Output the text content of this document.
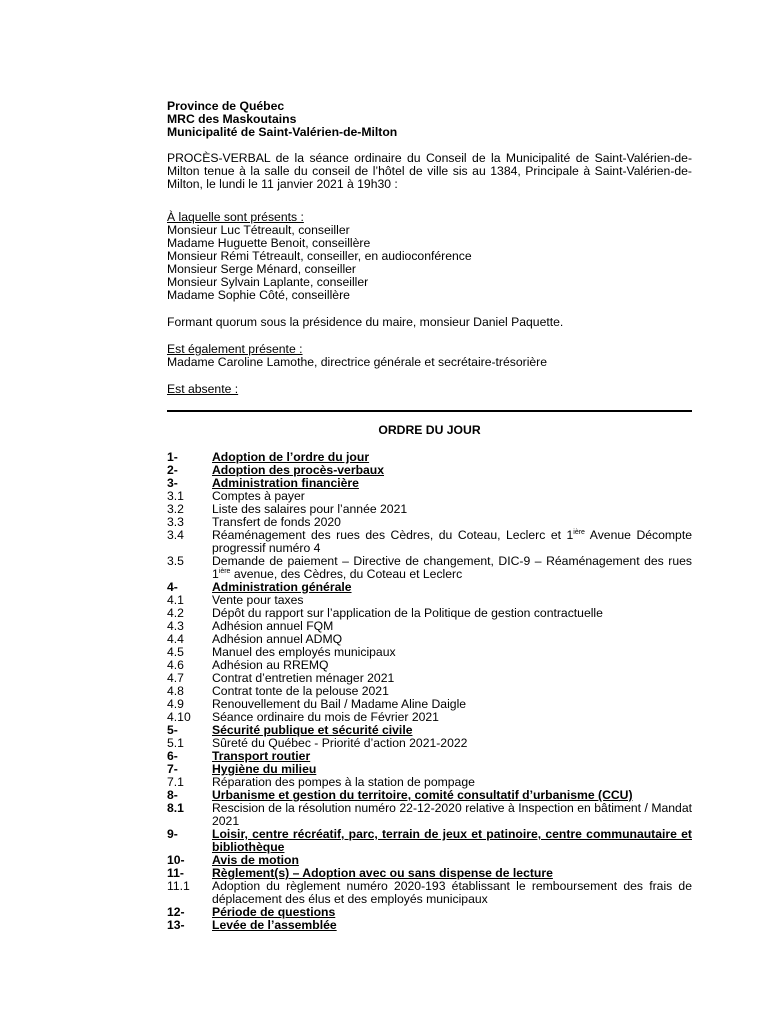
Province de Québec

MRC des Maskoutains

Municipalité de Saint-Valérien-de-Milton

PROCÈS-VERBAL de la séance ordinaire du Conseil de la Municipalité de Saint-Valérien-de-Milton tenue à la salle du conseil de l’hôtel de ville sis au 1384, Principale à Saint-Valérien-de-Milton, le lundi le 11 janvier 2021 à 19h30 :

À laquelle sont présents :

Monsieur Luc Tétreault, conseiller

Madame Huguette Benoit, conseillère

Monsieur Rémi Tétreault, conseiller, en audioconférence

Monsieur Serge Ménard, conseiller

Monsieur Sylvain Laplante, conseiller

Madame Sophie Côté, conseillère

Formant quorum sous la présidence du maire, monsieur Daniel Paquette.

Est également présente :

Madame Caroline Lamothe, directrice générale et secrétaire-trésorière

Est absente :

ORDRE DU JOUR

1-	Adoption de l’ordre du jour
2-	Adoption des procès-verbaux
3-	Administration financière
3.1	Comptes à payer
3.2	Liste des salaires pour l’année 2021
3.3	Transfert de fonds 2020
3.4	Réaménagement des rues des Cèdres, du Coteau, Leclerc et $1^{ière}$ Avenue Décompte progressif numéro 4
3.5	Demande de paiement – Directive de changement, DIC-9 – Réaménagement des rues $1^{ière}$ avenue, des Cèdres, du Coteau et Leclerc
4-	Administration générale
4.1	Vente pour taxes
4.2	Dépôt du rapport sur l’application de la Politique de gestion contractuelle
4.3	Adhésion annuel FQM
4.4	Adhésion annuel ADMQ
4.5	Manuel des employés municipaux
4.6	Adhésion au RREMQ
4.7	Contrat d’entretien ménager 2021
4.8	Contrat tonte de la pelouse 2021
4.9	Renouvellement du Bail / Madame Aline Daigle
4.10	Séance ordinaire du mois de Février 2021
5-	Sécurité publique et sécurité civile
5.1	Sûreté du Québec - Priorité d’action 2021-2022
6-	Transport routier
7-	Hygiène du milieu
7.1	Réparation des pompes à la station de pompage
8-	Urbanisme et gestion du territoire, comité consultatif d’urbanisme (CCU)
8.1	Rescision de la résolution numéro 22-12-2020 relative à Inspection en bâtiment / Mandat 2021
9-	Loisir, centre récréatif, parc, terrain de jeux et patinoire, centre communautaire et bibliothèque
10-	Avis de motion
11-	Règlement(s) – Adoption avec ou sans dispense de lecture
11.1	Adoption du règlement numéro 2020-193 établissant le remboursement des frais de déplacement des élus et des employés municipaux
12-	Période de questions
13-	Levée de l’assemblée
